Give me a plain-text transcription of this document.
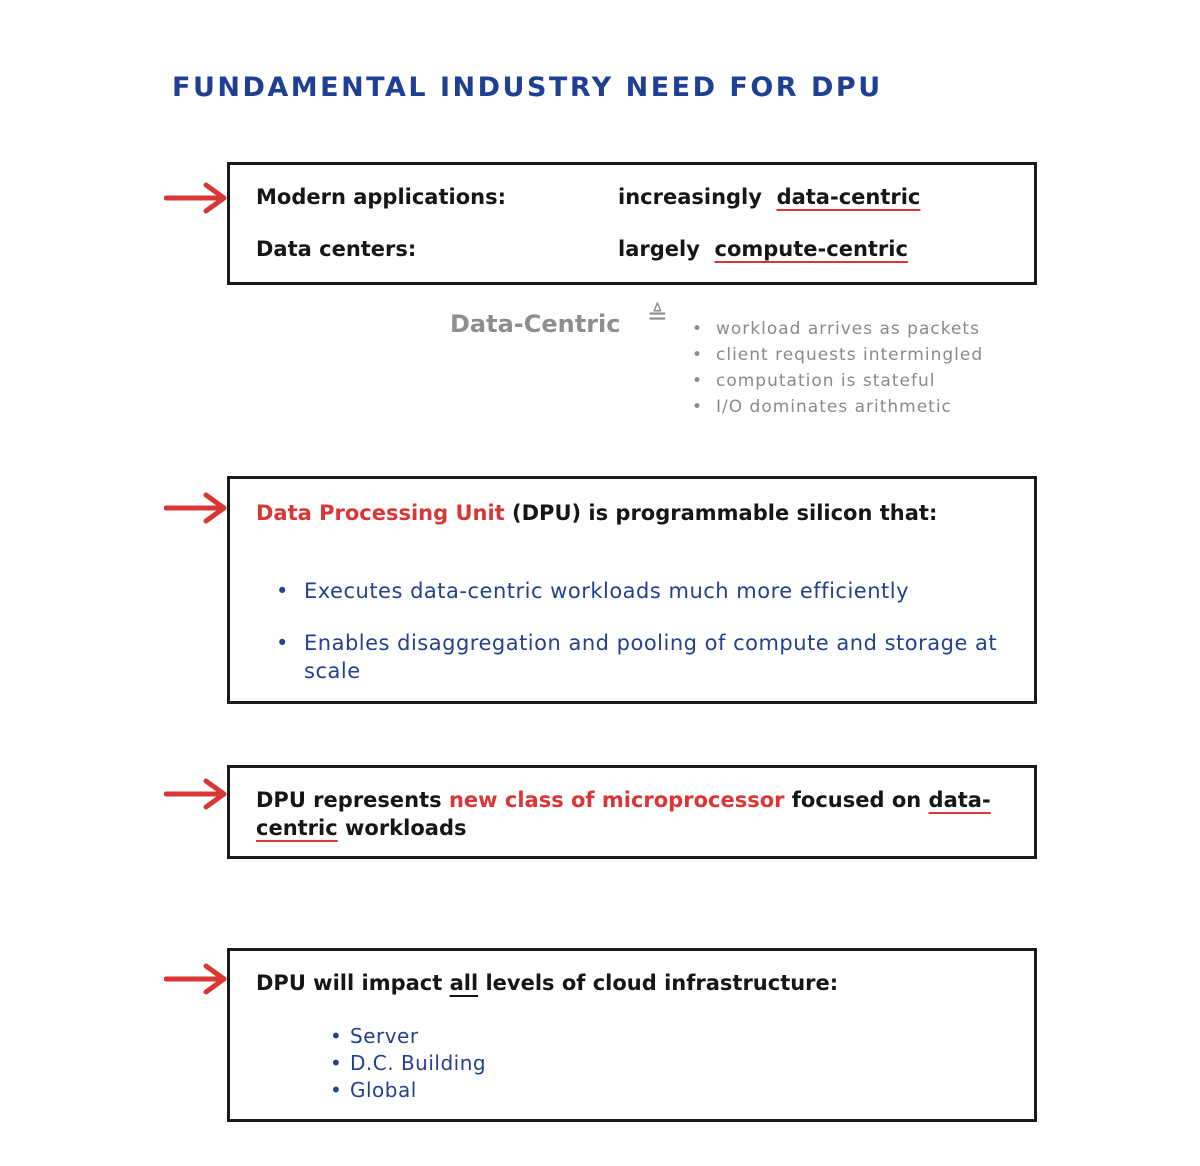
FUNDAMENTAL INDUSTRY NEED FOR DPU
Modern applications:	increasingly data-centric
Data centers:	largely compute-centric
Data-Centric ≜
•	workload arrives as packets
• client requests intermingled
• computation is stateful
• I/O dominates arithmetic
Data Processing Unit (DPU) is programmable silicon that:
• Executes data-centric workloads much more efficiently
• Enables disaggregation and pooling of compute and storage at scale
DPU represents new class of microprocessor focused on data-centric workloads
DPU will impact all levels of cloud infrastructure:
• Server
• D.C. Building
• Global
